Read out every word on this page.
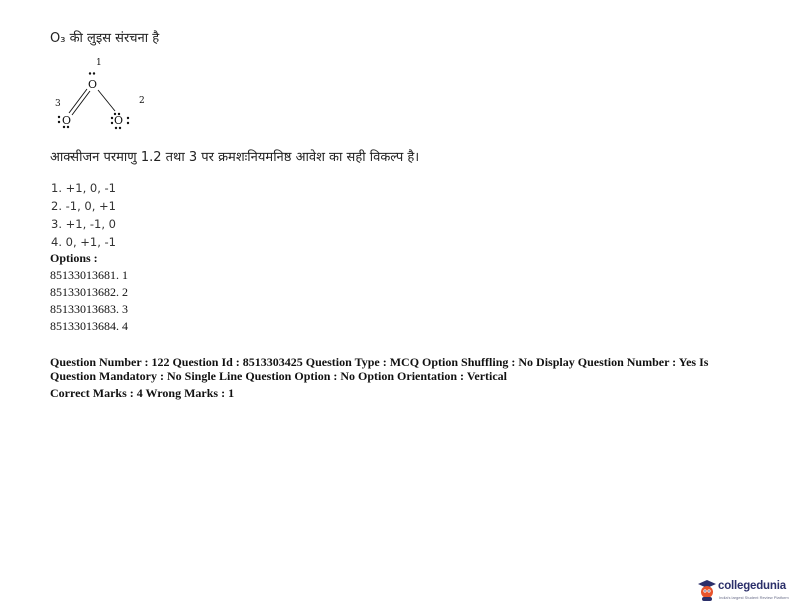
O₃ की लुइस संरचना है
1
2
3
O
O	O
आक्सीजन परमाणु 1.2 तथा 3 पर क्रमशःनियमनिष्ठ आवेश का सही विकल्प है।
1. +1, 0, -1
2. -1, 0, +1
3. +1, -1, 0
4. 0, +1, -1
Options :
85133013681. 1
85133013682. 2
85133013683. 3
85133013684. 4
Question Number : 122 Question Id : 8513303425 Question Type : MCQ Option Shuffling : No Display Question Number : Yes Is
Question Mandatory : No Single Line Question Option : No Option Orientation : Vertical
Correct Marks : 4 Wrong Marks : 1
collegedunia
India's largest Student Review Platform
